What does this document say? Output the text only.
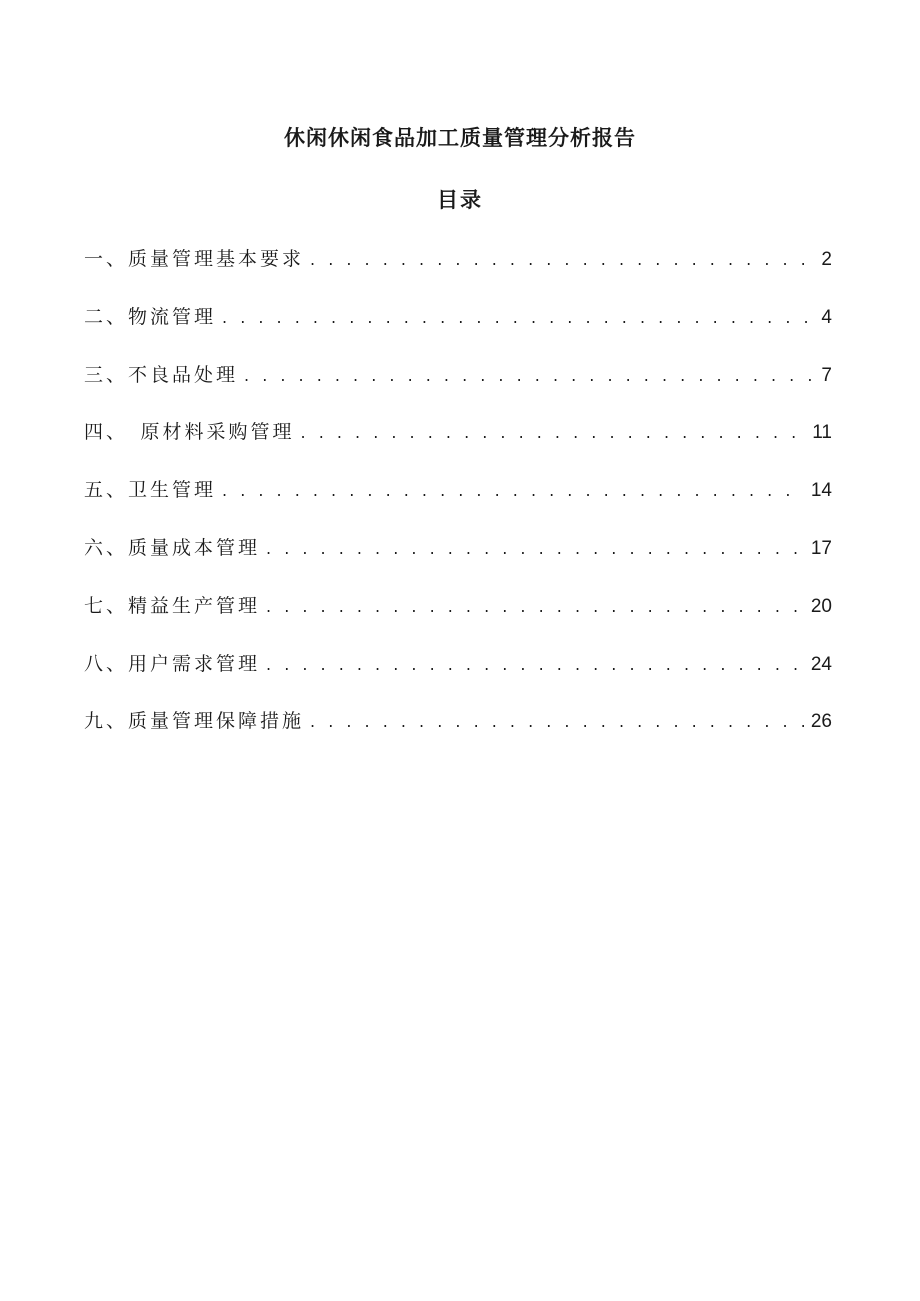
休闲休闲食品加工质量管理分析报告
目录
一、质量管理基本要求 . . .	2
二、物流管理 . . .	4
三、不良品处理 . . .	7
四、　原材料采购管理 . . .	11
五、卫生管理 . . .	14
六、质量成本管理 . . .	17
七、精益生产管理 . . .	20
八、用户需求管理 . . .	24
九、质量管理保障措施 . . .	26
